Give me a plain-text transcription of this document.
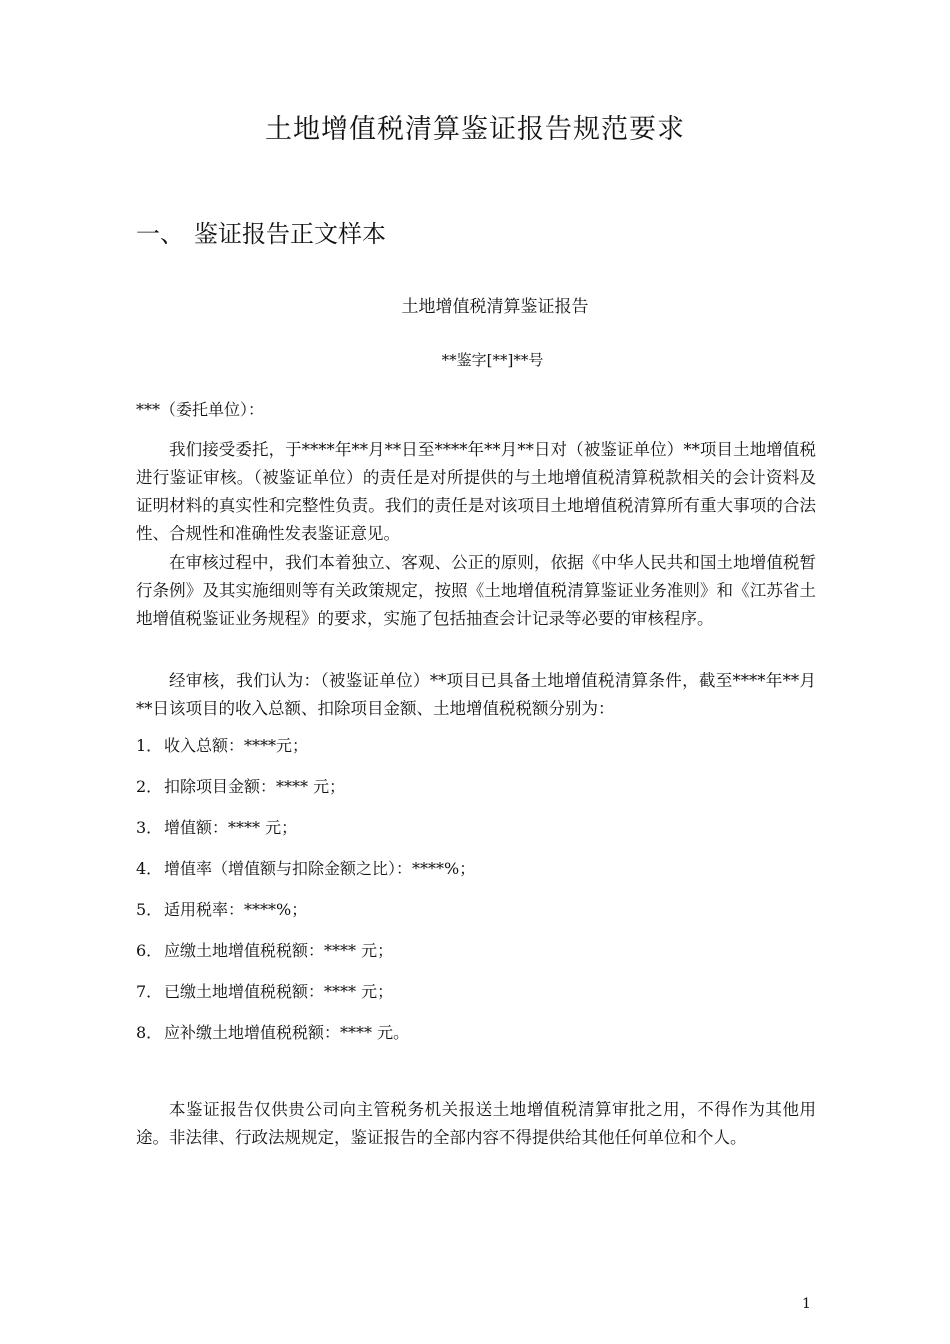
土地增值税清算鉴证报告规范要求
一、 鉴证报告正文样本
土地增值税清算鉴证报告
**鉴字[**]**号
***（委托单位）：

我们接受委托，于****年**月**日至****年**月**日对（被鉴证单位）**项目土地增值税进行鉴证审核。（被鉴证单位）的责任是对所提供的与土地增值税清算税款相关的会计资料及证明材料的真实性和完整性负责。我们的责任是对该项目土地增值税清算所有重大事项的合法性、合规性和准确性发表鉴证意见。

在审核过程中，我们本着独立、客观、公正的原则，依据《中华人民共和国土地增值税暂行条例》及其实施细则等有关政策规定，按照《土地增值税清算鉴证业务准则》和《江苏省土地增值税鉴证业务规程》的要求，实施了包括抽查会计记录等必要的审核程序。

经审核，我们认为：（被鉴证单位）**项目已具备土地增值税清算条件，截至****年**月**日该项目的收入总额、扣除项目金额、土地增值税税额分别为：

1． 收入总额：****元；
2． 扣除项目金额：**** 元；
3． 增值额：**** 元；
4． 增值率（增值额与扣除金额之比）：****%；
5． 适用税率：****%；
6． 应缴土地增值税税额：**** 元；
7． 已缴土地增值税税额：**** 元；
8． 应补缴土地增值税税额：**** 元。

本鉴证报告仅供贵公司向主管税务机关报送土地增值税清算审批之用，不得作为其他用途。非法律、行政法规规定，鉴证报告的全部内容不得提供给其他任何单位和个人。

1
